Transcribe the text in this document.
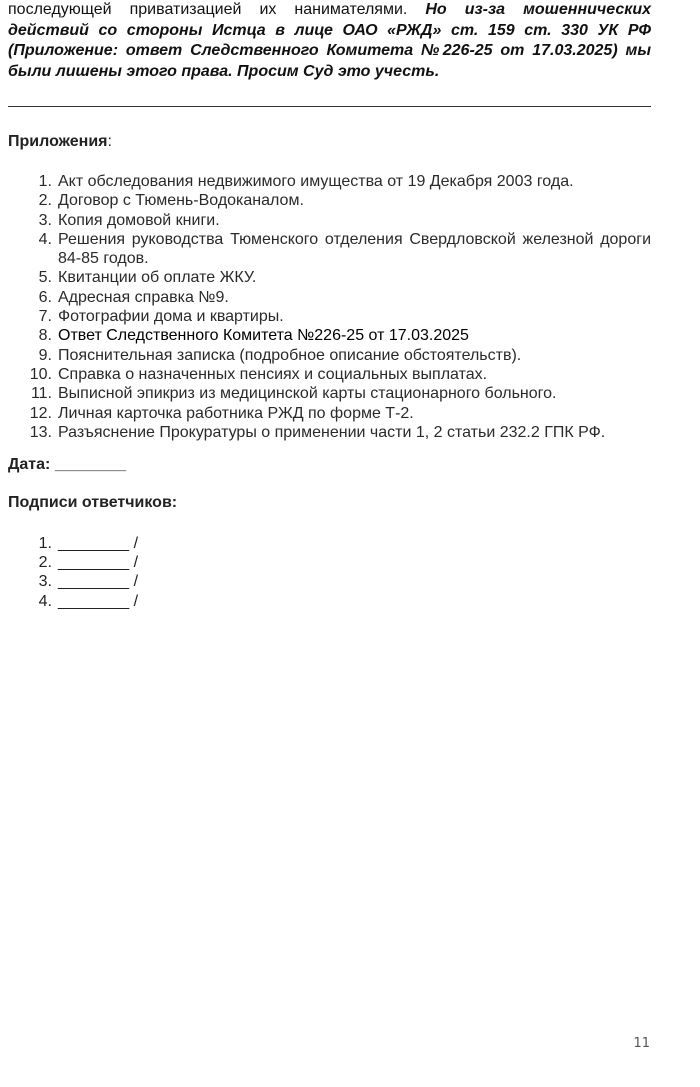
последующей приватизацией их нанимателями. Но из-за мошеннических действий со стороны Истца в лице ОАО «РЖД» ст. 159 ст. 330 УК РФ (Приложение: ответ Следственного Комитета №226-25 от 17.03.2025) мы были лишены этого права. Просим Суд это учесть.
Приложения:
1. Акт обследования недвижимого имущества от 19 Декабря 2003 года.
2. Договор с Тюмень-Водоканалом.
3. Копия домовой книги.
4. Решения руководства Тюменского отделения Свердловской железной дороги 84-85 годов.
5. Квитанции об оплате ЖКУ.
6. Адресная справка №9.
7. Фотографии дома и квартиры.
8. Ответ Следственного Комитета №226-25 от 17.03.2025
9. Пояснительная записка (подробное описание обстоятельств).
10. Справка о назначенных пенсиях и социальных выплатах.
11. Выписной эпикриз из медицинской карты стационарного больного.
12. Личная карточка работника РЖД по форме Т-2.
13. Разъяснение Прокуратуры о применении части 1, 2 статьи 232.2 ГПК РФ.
Дата: ________
Подписи ответчиков:
1. ________ /
2. ________ /
3. ________ /
4. ________ /
11
